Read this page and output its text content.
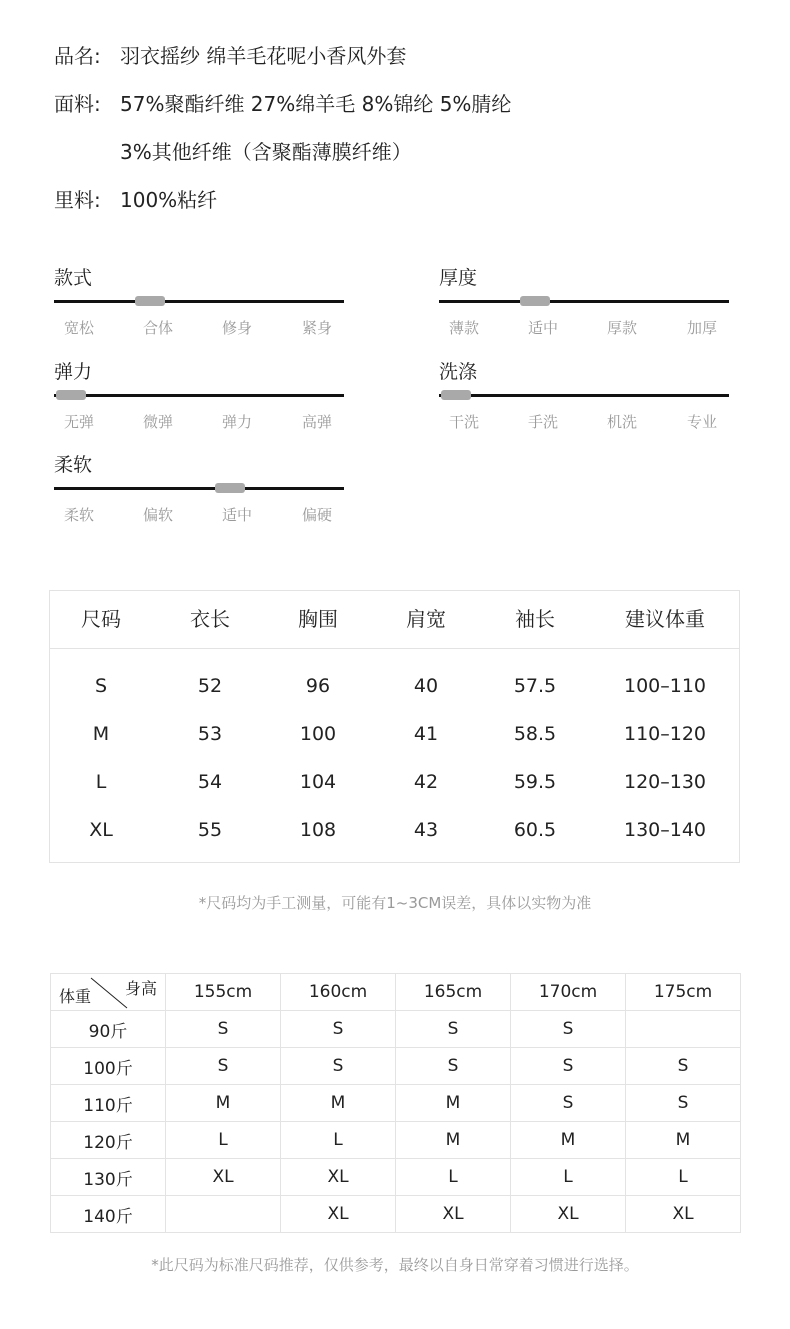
品名: 羽衣摇纱 绵羊毛花呢小香风外套
面料: 57%聚酯纤维 27%绵羊毛 8%锦纶 5%腈纶
3%其他纤维（含聚酯薄膜纤维）
里料: 100%粘纤
款式
宽松	合体	修身	紧身
厚度
薄款	适中	厚款	加厚
弹力
无弹	微弹	弹力	高弹
洗涤
干洗	手洗	机洗	专业
柔软
柔软	偏软	适中	偏硬
尺码	衣长	胸围	肩宽	袖长	建议体重
S	52	96	40	57.5	100–110
M	53	100	41	58.5	110–120
L	54	104	42	59.5	120–130
XL	55	108	43	60.5	130–140
*尺码均为手工测量，可能有1~3CM误差，具体以实物为准
身高
体重	155cm	160cm	165cm	170cm	175cm
90斤	S	S	S	S	
100斤	S	S	S	S	S
110斤	M	M	M	S	S
120斤	L	L	M	M	M
130斤	XL	XL	L	L	L
140斤		XL	XL	XL	XL
*此尺码为标准尺码推荐，仅供参考，最终以自身日常穿着习惯进行选择。
